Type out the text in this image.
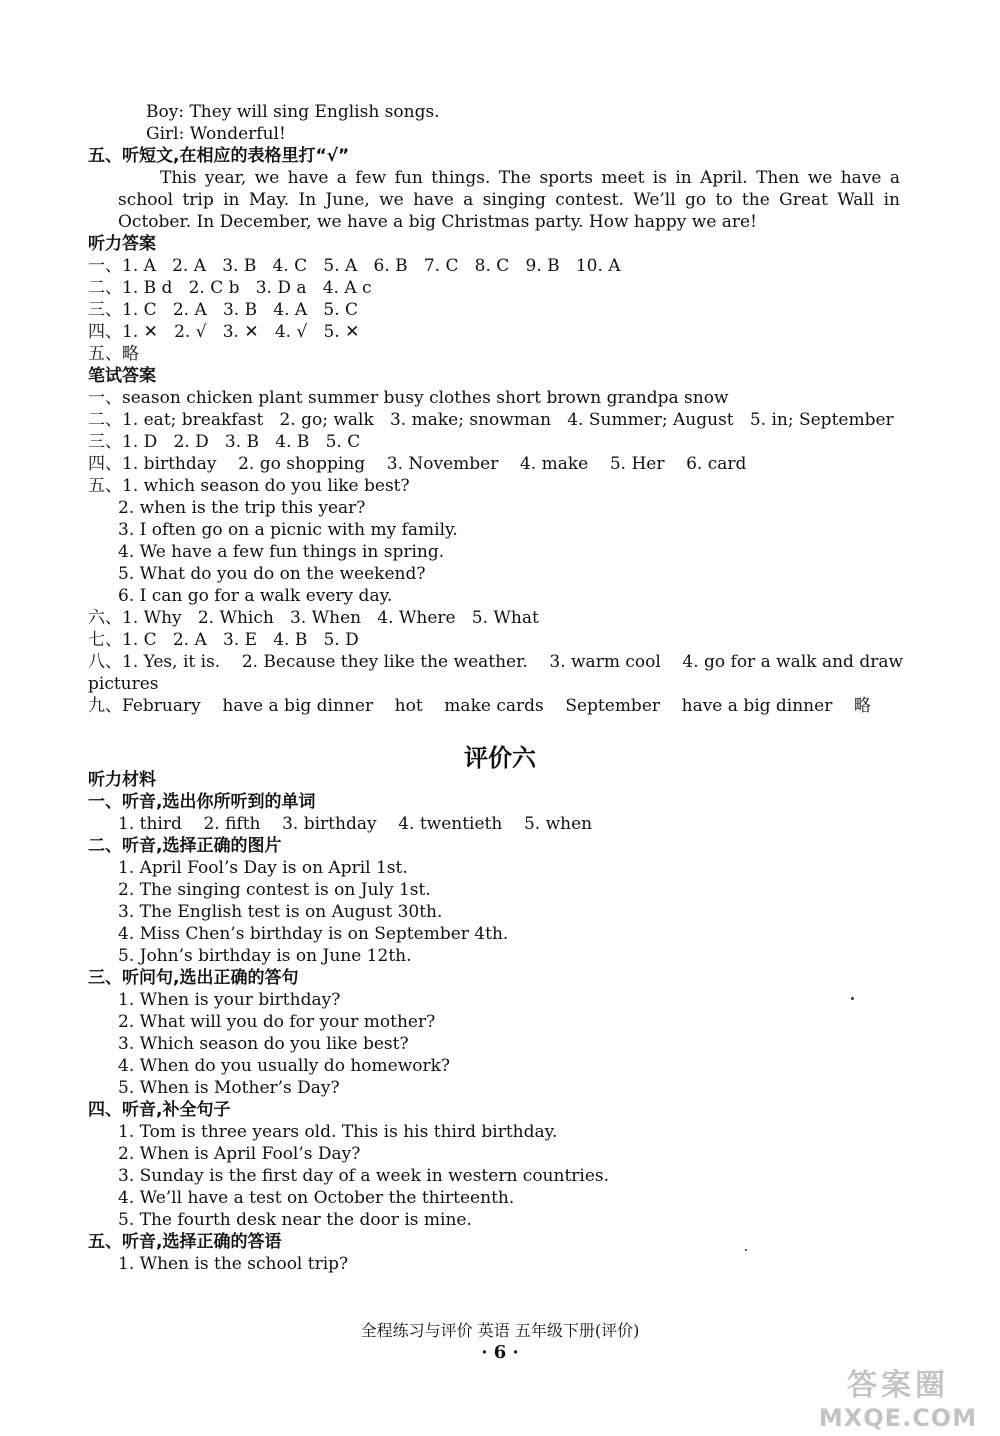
Boy: They will sing English songs.
Girl: Wonderful!
五、听短文,在相应的表格里打“√”
This year, we have a few fun things. The sports meet is in April. Then we have a school trip in May. In June, we have a singing contest. We’ll go to the Great Wall in October. In December, we have a big Christmas party. How happy we are!
听力答案
一、1. A   2. A   3. B   4. C   5. A   6. B   7. C   8. C   9. B   10. A
二、1. B d   2. C b   3. D a   4. A c
三、1. C   2. A   3. B   4. A   5. C
四、1. ✕   2. √   3. ✕   4. √   5. ✕
五、略
笔试答案
一、season chicken plant summer busy clothes short brown grandpa snow
二、1. eat; breakfast   2. go; walk   3. make; snowman   4. Summer; August   5. in; September
三、1. D   2. D   3. B   4. B   5. C
四、1. birthday    2. go shopping    3. November    4. make    5. Her    6. card
五、1. which season do you like best?
2. when is the trip this year?
3. I often go on a picnic with my family.
4. We have a few fun things in spring.
5. What do you do on the weekend?
6. I can go for a walk every day.
六、1. Why   2. Which   3. When   4. Where   5. What
七、1. C   2. A   3. E   4. B   5. D
八、1. Yes, it is.    2. Because they like the weather.    3. warm cool    4. go for a walk and draw
pictures
九、February    have a big dinner    hot    make cards    September    have a big dinner    略
评价六
听力材料
一、听音,选出你所听到的单词
1. third    2. fifth    3. birthday    4. twentieth    5. when
二、听音,选择正确的图片
1. April Fool’s Day is on April 1st.
2. The singing contest is on July 1st.
3. The English test is on August 30th.
4. Miss Chen’s birthday is on September 4th.
5. John’s birthday is on June 12th.
三、听问句,选出正确的答句
1. When is your birthday?
2. What will you do for your mother?
3. Which season do you like best?
4. When do you usually do homework?
5. When is Mother’s Day?
四、听音,补全句子
1. Tom is three years old. This is his third birthday.
2. When is April Fool’s Day?
3. Sunday is the first day of a week in western countries.
4. We’ll have a test on October the thirteenth.
5. The fourth desk near the door is mine.
五、听音,选择正确的答语
1. When is the school trip?
全程练习与评价 英语 五年级下册(评价)
· 6 ·
答案圈
MXQE.COM
